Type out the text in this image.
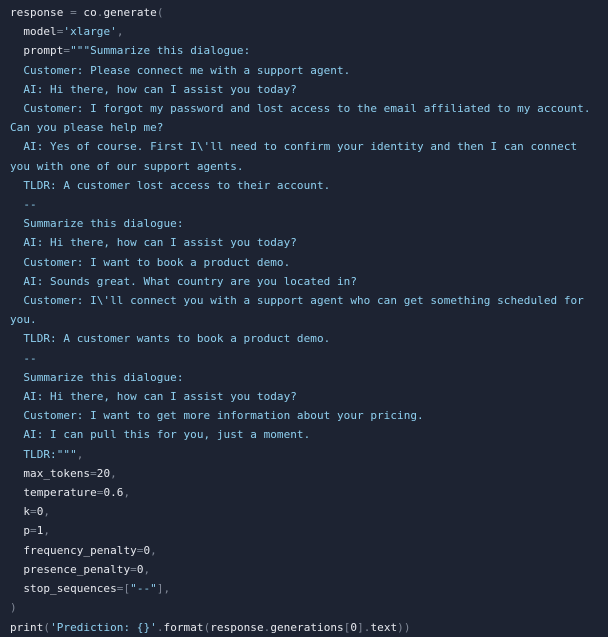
response = co.generate(
model='xlarge',
prompt="""Summarize this dialogue:
Customer: Please connect me with a support agent.
AI: Hi there, how can I assist you today?
Customer: I forgot my password and lost access to the email affiliated to my account. Can you please help me?
AI: Yes of course. First I\'ll need to confirm your identity and then I can connect you with one of our support agents.
TLDR: A customer lost access to their account.
--
Summarize this dialogue:
AI: Hi there, how can I assist you today?
Customer: I want to book a product demo.
AI: Sounds great. What country are you located in?
Customer: I\'ll connect you with a support agent who can get something scheduled for you.
TLDR: A customer wants to book a product demo.
--
Summarize this dialogue:
AI: Hi there, how can I assist you today?
Customer: I want to get more information about your pricing.
AI: I can pull this for you, just a moment.
TLDR:""",
max_tokens=20,
temperature=0.6,
k=0,
p=1,
frequency_penalty=0,
presence_penalty=0,
stop_sequences=["--"],
)
print('Prediction: {}'.format(response.generations[0].text))
